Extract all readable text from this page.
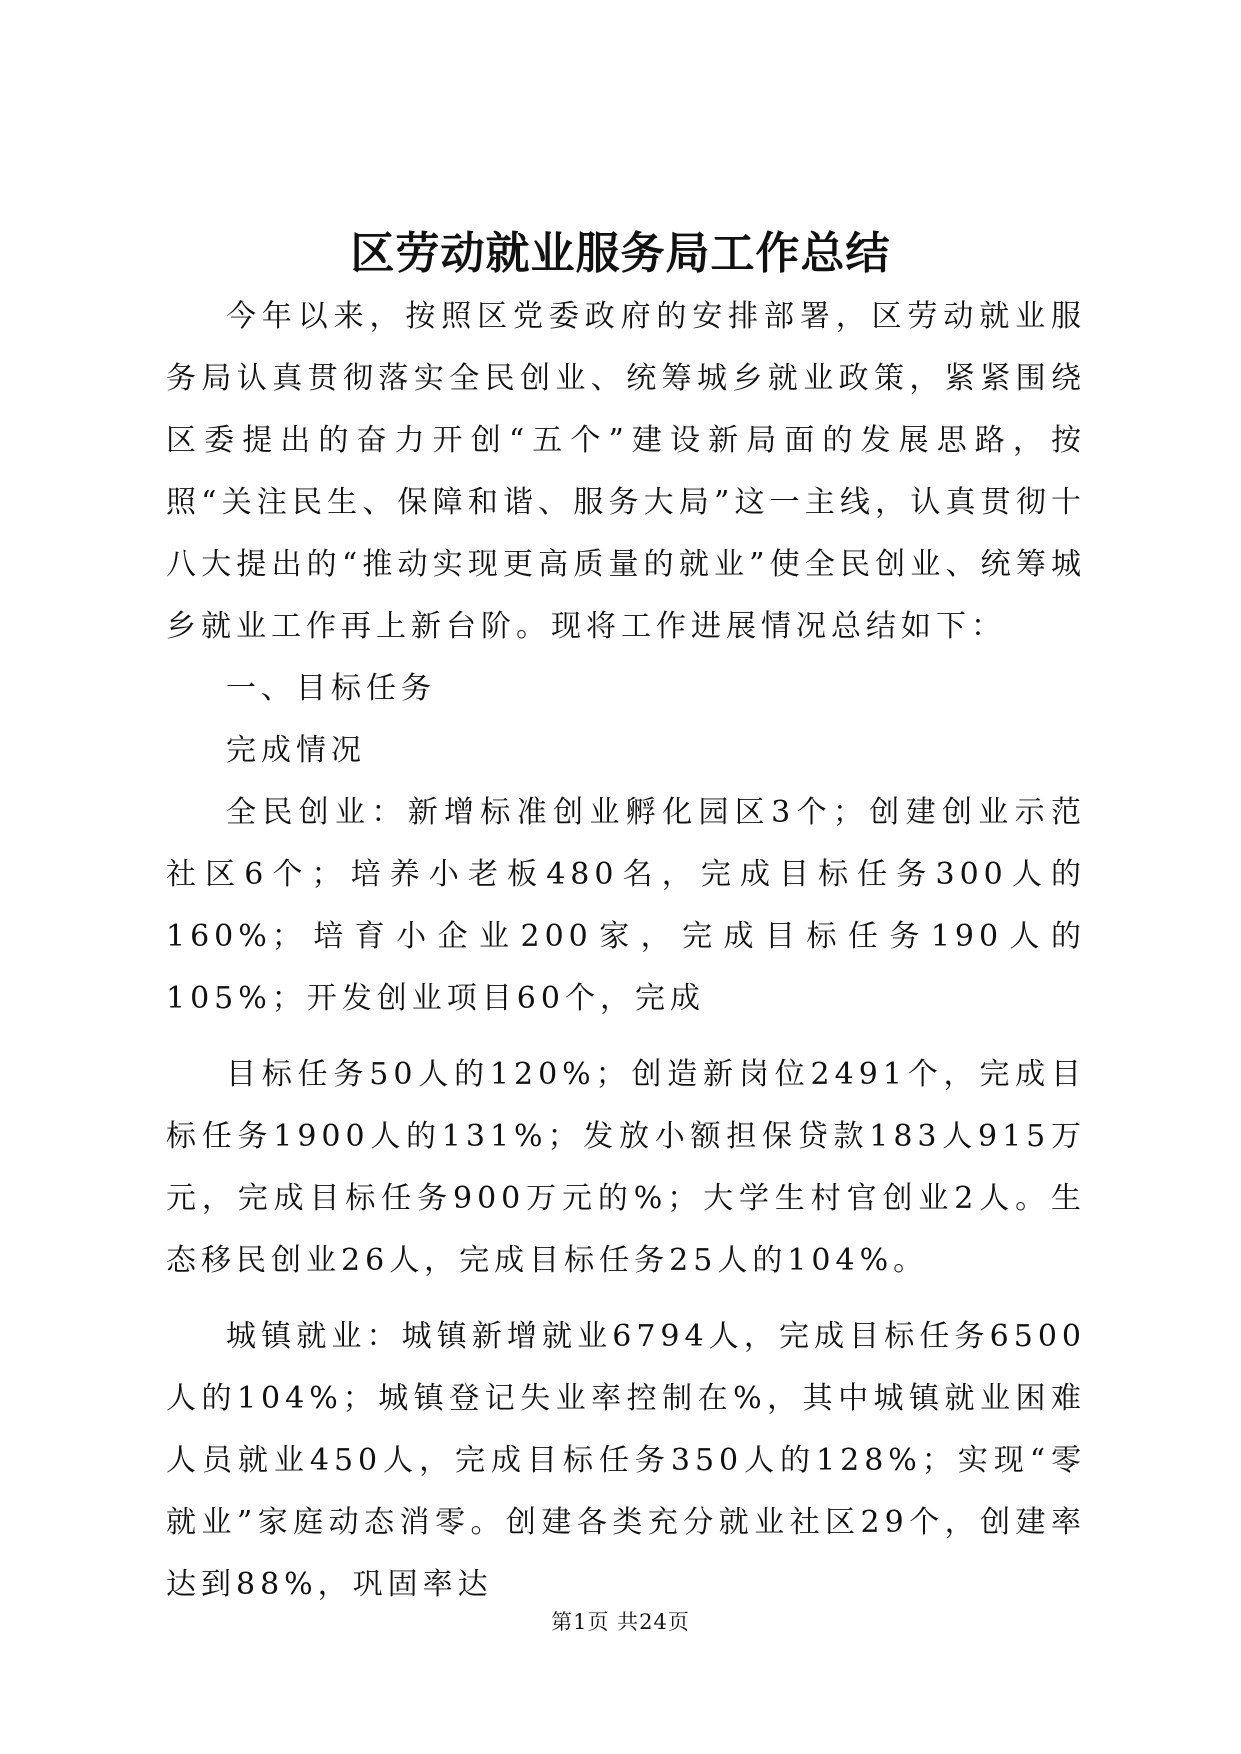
区劳动就业服务局工作总结

今年以来，按照区党委政府的安排部署，区劳动就业服务局认真贯彻落实全民创业、统筹城乡就业政策，紧紧围绕区委提出的奋力开创“五个”建设新局面的发展思路，按照“关注民生、保障和谐、服务大局”这一主线，认真贯彻十八大提出的“推动实现更高质量的就业”使全民创业、统筹城乡就业工作再上新台阶。现将工作进展情况总结如下：

一、目标任务

完成情况

全民创业：新增标准创业孵化园区3个；创建创业示范社区6个；培养小老板480名，完成目标任务300人的160%；培育小企业200家，完成目标任务190人的105%；开发创业项目60个，完成

目标任务50人的120%；创造新岗位2491个，完成目标任务1900人的131%；发放小额担保贷款183人915万元，完成目标任务900万元的%；大学生村官创业2人。生态移民创业26人，完成目标任务25人的104%。

城镇就业：城镇新增就业6794人，完成目标任务6500人的104%；城镇登记失业率控制在%，其中城镇就业困难人员就业450人，完成目标任务350人的128%；实现“零就业”家庭动态消零。创建各类充分就业社区29个，创建率达到88%，巩固率达

第1页 共24页
